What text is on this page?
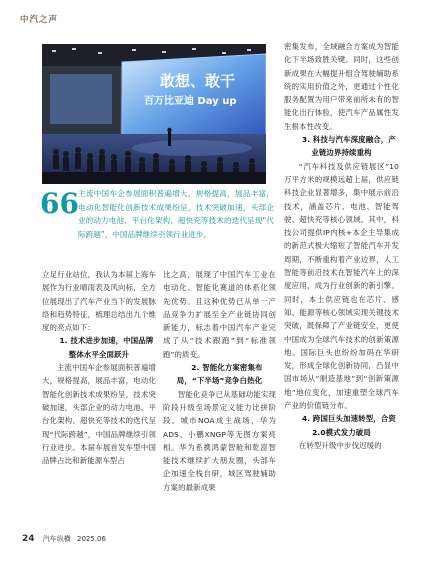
中汽之声
敢想、敢干
百万比亚迪 Day up
66 主流中国车企参展面积普遍增大，规格提高，展品丰富，电动化智能化创新技术成果纷呈，技术突破加速，头部企业的动力电池、平台化架构、超快充等技术的迭代呈现“代际跨越”，中国品牌继续引领行业进步。

立足行业站位，我认为本届上海车展作为行业晴雨表及风向标，全方位展现出了汽车产业当下的发展脉络和趋势特征，梳理总结出九个维度的亮点如下：

1. 技术进步加速，中国品牌整体水平全面跃升

主流中国车企参展面积普遍增大，规格提高，展品丰富，电动化智能化创新技术成果纷呈，技术突破加速，头部企业的动力电池、平台化架构、超快充等技术的迭代呈现“代际跨越”，中国品牌继续引领行业进步。本届车展首发车型中国品牌占比和新能源车型占

比之高，展现了中国汽车工业在电动化、智能化赛道的体系化领先优势。且这种优势已从单一产品竞争力扩展至全产业链协同创新能力，标志着中国汽车产业完成了从“技术跟跑”到“标准领跑”的质变。

2. 智能化方案密集布局，“下半场”竞争白热化

智能化竞争已从基础功能实现阶段升级至场景定义能力比拼阶段。城市NOA成主战场，华为ADS、小鹏XNGP等无图方案亮相。华为系携鸿蒙智舱和乾崑智能技术继续扩大朋友圈，头部车企加速全栈自研，城区驾驶辅助方案的最新成果

密集发布，全域融合方案成为智能化下半场致胜关键。同时，这些创新成果在大幅提升组合驾驶辅助系统的实用价值之外，更通过个性化服务配置为用户带来前所未有的智能化出行体验，使汽车产品属性发生根本性改变。

3. 科技与汽车深度融合，产业链边界持续重构

“汽车科技及供应链展区”10万平方米的规模远超上届，供应链科技企业显著增多，集中展示前沿技术，涵盖芯片、电池、智能驾驶、超快充等核心领域。其中，科技公司提供IP内核+本企主导集成的新范式极大缩短了智能汽车开发周期，不断重构着产业边界，人工智能等前沿技术在智能汽车上的深度应用，成为行业创新的新引擎。同时，本土供应链也在芯片、感知、能源等核心领域实现关键技术突破，既保障了产业链安全，更使中国成为全球汽车技术的创新策源地。国际巨头也纷纷加码在华研发，形成全球化创新协同，凸显中国市场从“制造基地”到“创新策源地”地位变化，加速重塑全球汽车产业的价值链分布。

4. 跨国巨头加速转型，合资2.0模式发力破局

在转型升级中步伐迟缓的

24 汽车纵横 2025.06
